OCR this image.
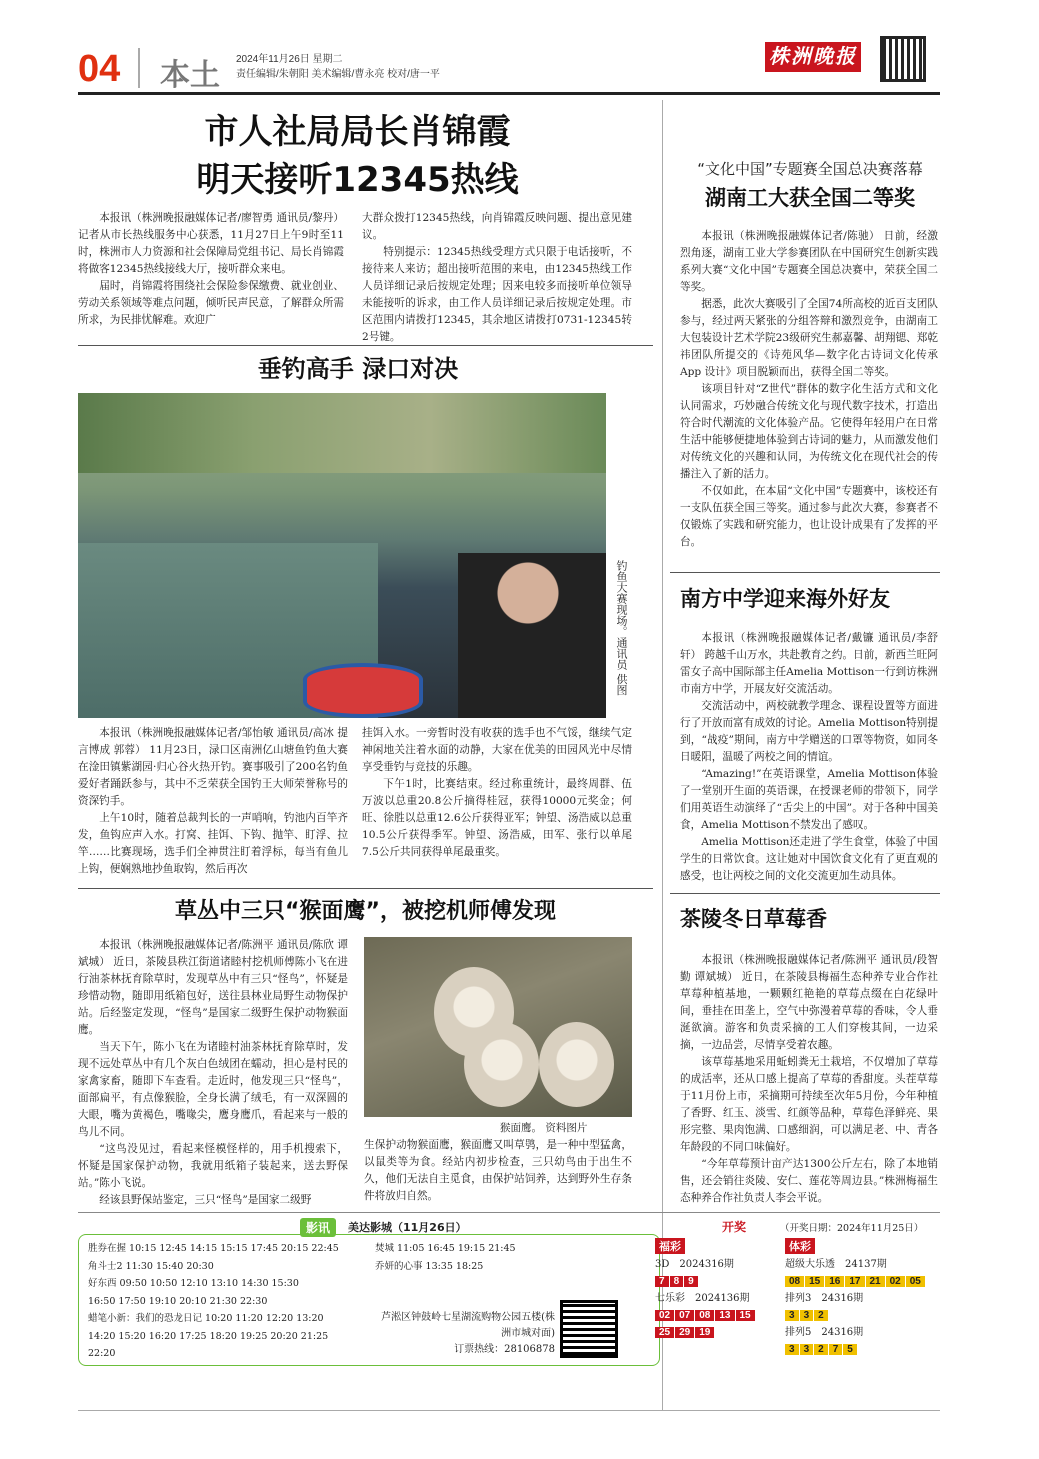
04 本土 2024年11月26日 星期二
责任编辑/朱朝阳 美术编辑/曹永亮 校对/唐一平
株洲晚报
市人社局局长肖锦霞
明天接听12345热线

本报讯（株洲晚报融媒体记者/廖智勇 通讯员/黎丹） 记者从市长热线服务中心获悉，11月27日上午9时至11时，株洲市人力资源和社会保障局党组书记、局长肖锦霞将做客12345热线接线大厅，接听群众来电。

届时，肖锦霞将围绕社会保险参保缴费、就业创业、劳动关系领域等难点问题，倾听民声民意，了解群众所需所求，为民排忧解难。欢迎广

大群众拨打12345热线，向肖锦霞反映问题、提出意见建议。

特别提示：12345热线受理方式只限于电话接听，不接待来人来访；超出接听范围的来电，由12345热线工作人员详细记录后按规定处理；因来电较多而接听单位领导未能接听的诉求，由工作人员详细记录后按规定处理。市区范围内请拨打12345，其余地区请拨打0731-12345转2号键。

垂钓高手 渌口对决
钓鱼大赛现场。通讯员 供图

本报讯（株洲晚报融媒体记者/邹怡敏 通讯员/高冰 提 言博成 郭蓉） 11月23日，渌口区南洲亿山塘鱼钓鱼大赛在淦田镇紫湖园·归心谷火热开钓。赛事吸引了200名钓鱼爱好者踊跃参与，其中不乏荣获全国钓王大师荣誉称号的资深钓手。

上午10时，随着总裁判长的一声哨响，钓池内百竿齐发，鱼钩应声入水。打窝、挂饵、下钩、抛竿、盯浮、拉竿……比赛现场，选手们全神贯注盯着浮标，每当有鱼儿上钩，便娴熟地抄鱼取钩，然后再次

挂饵入水。一旁暂时没有收获的选手也不气馁，继续气定神闲地关注着水面的动静，大家在优美的田园风光中尽情享受垂钓与竞技的乐趣。

下午1时，比赛结束。经过称重统计，最终周群、伍万波以总重20.8公斤摘得桂冠，获得10000元奖金；何旺、徐胜以总重12.6公斤获得亚军；钟望、汤浩威以总重10.5公斤获得季军。钟望、汤浩威，田军、张行以单尾7.5公斤共同获得单尾最重奖。

草丛中三只“猴面鹰”，被挖机师傅发现

本报讯（株洲晚报融媒体记者/陈洲平 通讯员/陈欣 谭斌城） 近日，茶陵县秩江街道诸睦村挖机师傅陈小飞在进行油茶林抚育除草时，发现草丛中有三只“怪鸟”，怀疑是珍惜动物，随即用纸箱包好，送往县林业局野生动物保护站。后经鉴定发现，“怪鸟”是国家二级野生保护动物猴面鹰。

当天下午，陈小飞在为诸睦村油茶林抚育除草时，发现不远处草丛中有几个灰白色绒团在蠕动，担心是村民的家禽家畜，随即下车查看。走近时，他发现三只“怪鸟”，面部扁平，有点像猴脸，全身长满了绒毛，有一双深圆的大眼，嘴为黄褐色，嘴喙尖，鹰身鹰爪，看起来与一般的鸟儿不同。

“这鸟没见过，看起来怪模怪样的，用手机搜索下，怀疑是国家保护动物，我就用纸箱子装起来，送去野保站。”陈小飞说。

经该县野保站鉴定，三只“怪鸟”是国家二级野

猴面鹰。 资料图片

生保护动物猴面鹰，猴面鹰又叫草鸮，是一种中型猛禽，以鼠类等为食。经站内初步检查，三只幼鸟由于出生不久，他们无法自主觅食，由保护站饲养，达到野外生存条件将放归自然。

“文化中国”专题赛全国总决赛落幕
湖南工大获全国二等奖

本报讯（株洲晚报融媒体记者/陈驰） 日前，经激烈角逐，湖南工业大学参赛团队在中国研究生创新实践系列大赛“文化中国”专题赛全国总决赛中，荣获全国二等奖。

据悉，此次大赛吸引了全国74所高校的近百支团队参与，经过两天紧张的分组答辩和激烈竞争，由湖南工大包装设计艺术学院23级研究生郝嘉馨、胡翔锶、郑乾祎团队所提交的《诗苑风华—数字化古诗词文化传承 App 设计》项目脱颖而出，获得全国二等奖。

该项目针对“Z世代”群体的数字化生活方式和文化认同需求，巧妙融合传统文化与现代数字技术，打造出符合时代潮流的文化体验产品。它使得年轻用户在日常生活中能够便捷地体验到古诗词的魅力，从而激发他们对传统文化的兴趣和认同，为传统文化在现代社会的传播注入了新的活力。

不仅如此，在本届“文化中国”专题赛中，该校还有一支队伍获全国三等奖。通过参与此次大赛，参赛者不仅锻炼了实践和研究能力，也让设计成果有了发挥的平台。

南方中学迎来海外好友

本报讯（株洲晚报融媒体记者/戴镰 通讯员/李舒轩） 跨越千山万水，共赴教育之约。日前，新西兰旺阿雷女子高中国际部主任Amelia Mottison一行到访株洲市南方中学，开展友好交流活动。

交流活动中，两校就教学理念、课程设置等方面进行了开放而富有成效的讨论。Amelia Mottison特别提到，“战疫”期间，南方中学赠送的口罩等物资，如同冬日暖阳，温暖了两校之间的情谊。

“Amazing!”在英语课堂，Amelia Mottison体验了一堂别开生面的英语课，在授课老师的带领下，同学们用英语生动演绎了“舌尖上的中国”。对于各种中国美食，Amelia Mottison不禁发出了感叹。

Amelia Mottison还走进了学生食堂，体验了中国学生的日常饮食。这让她对中国饮食文化有了更直观的感受，也让两校之间的文化交流更加生动具体。

茶陵冬日草莓香

本报讯（株洲晚报融媒体记者/陈洲平 通讯员/段智勤 谭斌城） 近日，在茶陵县梅福生态种养专业合作社草莓种植基地，一颗颗红艳艳的草莓点缀在白花绿叶间，垂挂在田垄上，空气中弥漫着草莓的香味，令人垂涎欲滴。游客和负责采摘的工人们穿梭其间，一边采摘，一边品尝，尽情享受着农趣。

该草莓基地采用蚯蚓粪无土栽培，不仅增加了草莓的成活率，还从口感上提高了草莓的香甜度。头茬草莓于11月份上市，采摘期可持续至次年5月份，今年种植了香野、红玉、淡雪、红颜等品种，草莓色泽鲜亮、果形完整、果肉饱满、口感细润，可以满足老、中、青各年龄段的不同口味偏好。

“今年草莓预计亩产达1300公斤左右，除了本地销售，还会销往炎陵、安仁、莲花等周边县。”株洲梅福生态种养合作社负责人李会平说。

影讯	美达影城（11月26日）
胜券在握 10:15 12:45 14:15 15:15 17:45 20:15 22:45
角斗士2 11:30 15:40 20:30
好东西 09:50 10:50 12:10 13:10 14:30 15:30
16:50 17:50 19:10 20:10 21:30 22:30
蜡笔小新：我们的恐龙日记 10:20 11:20 12:20 13:20
14:20 15:20 16:20 17:25 18:20 19:25 20:20 21:25
22:20
焚城 11:05 16:45 19:15 21:45
乔妍的心事 13:35 18:25
芦淞区钟鼓岭七星湖流购物公园五楼(株洲市城对面)
订票热线：28106878
开奖	（开奖日期：2024年11月25日）
福彩
3D　2024316期
7 8 9
七乐彩　2024136期
02 07 08 13 15
25 29 19
体彩
超级大乐透　24137期
08 15 16 17 21 02 05
排列3　24316期
3 3 2
排列5　24316期
3 3 2 7 5
